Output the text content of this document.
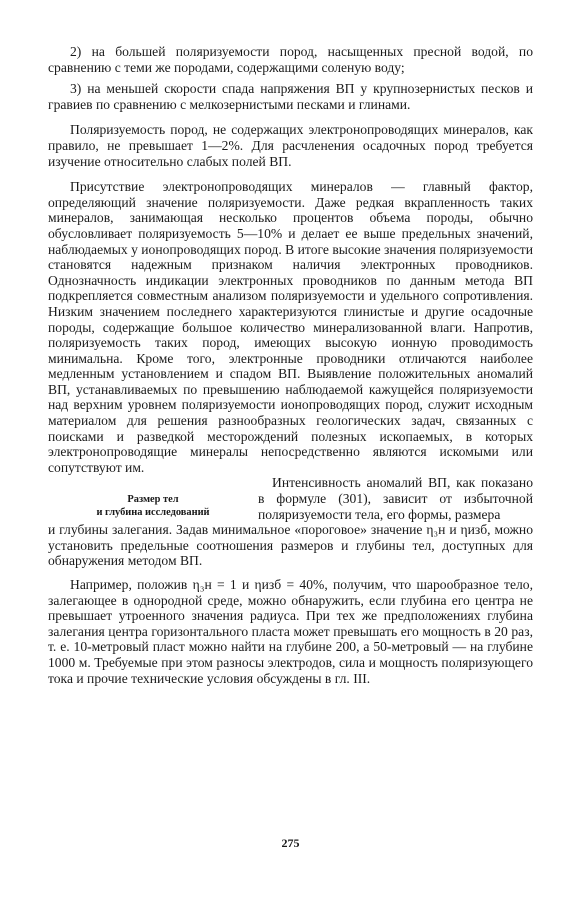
2) на большей поляризуемости пород, насыщенных пресной водой, по сравнению с теми же породами, содержащими соленую воду;

3) на меньшей скорости спада напряжения ВП у крупнозернистых песков и гравиев по сравнению с мелкозернистыми песками и глинами.

Поляризуемость пород, не содержащих электронопроводящих минералов, как правило, не превышает 1—2%. Для расчленения осадочных пород требуется изучение относительно слабых полей ВП.

Присутствие электронопроводящих минералов — главный фактор, определяющий значение поляризуемости. Даже редкая вкрапленность таких минералов, занимающая несколько процентов объема породы, обычно обусловливает поляризуемость 5—10% и делает ее выше предельных значений, наблюдаемых у ионопроводящих пород. В итоге высокие значения поляризуемости становятся надежным признаком наличия электронных проводников. Однозначность индикации электронных проводников по данным метода ВП подкрепляется совместным анализом поляризуемости и удельного сопротивления. Низким значением последнего характеризуются глинистые и другие осадочные породы, содержащие большое количество минерализованной влаги. Напротив, поляризуемость таких пород, имеющих высокую ионную проводимость минимальна. Кроме того, электронные проводники отличаются наиболее медленным установлением и спадом ВП. Выявление положительных аномалий ВП, устанавливаемых по превышению наблюдаемой кажущейся поляризуемости над верхним уровнем поляризуемости ионопроводящих пород, служит исходным материалом для решения разнообразных геологических задач, связанных с поисками и разведкой месторождений полезных ископаемых, в которых электронопроводящие минералы непосредственно являются искомыми или сопутствуют им.

Размер тел
и глубина исследований

Интенсивность аномалий ВП, как показано в формуле (301), зависит от избыточной поляризуемости тела, его формы, размера

и глубины залегания. Задав минимальное «пороговое» значение η₃н и ηизб, можно установить предельные соотношения размеров и глубины тел, доступных для обнаружения методом ВП.

Например, положив η₃н = 1 и ηизб = 40%, получим, что шарообразное тело, залегающее в однородной среде, можно обнаружить, если глубина его центра не превышает утроенного значения радиуса. При тех же предположениях глубина залегания центра горизонтального пласта может превышать его мощность в 20 раз, т. е. 10-метровый пласт можно найти на глубине 200, а 50-метровый — на глубине 1000 м. Требуемые при этом разносы электродов, сила и мощность поляризующего тока и прочие технические условия обсуждены в гл. III.

275
